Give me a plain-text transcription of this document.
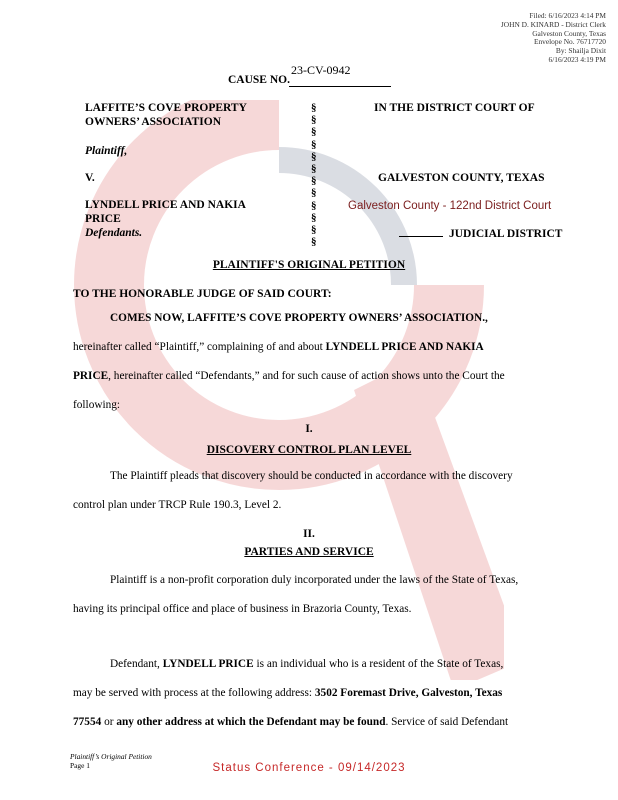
Filed: 6/16/2023 4:14 PM
JOHN D. KINARD - District Clerk
Galveston County, Texas
Envelope No. 76717720
By: Shailja Dixit
6/16/2023 4:19 PM
23-CV-0942
CAUSE NO.
LAFFITE’S COVE PROPERTY
OWNERS’ ASSOCIATION
Plaintiff,
V.
LYNDELL PRICE AND NAKIA
PRICE
Defendants.
§
§
§
§
§
§
§
§
§
§
§
§
IN THE DISTRICT COURT OF
GALVESTON COUNTY, TEXAS
Galveston County - 122nd District Court
JUDICIAL DISTRICT
PLAINTIFF'S ORIGINAL PETITION
TO THE HONORABLE JUDGE OF SAID COURT:
COMES NOW, LAFFITE’S COVE PROPERTY OWNERS’ ASSOCIATION.,
hereinafter called “Plaintiff,” complaining of and about LYNDELL PRICE AND NAKIA
PRICE, hereinafter called “Defendants,” and for such cause of action shows unto the Court the
following:
I.
DISCOVERY CONTROL PLAN LEVEL
The Plaintiff pleads that discovery should be conducted in accordance with the discovery
control plan under TRCP Rule 190.3, Level 2.
II.
PARTIES AND SERVICE
Plaintiff is a non-profit corporation duly incorporated under the laws of the State of Texas,
having its principal office and place of business in Brazoria County, Texas.
Defendant, LYNDELL PRICE is an individual who is a resident of the State of Texas,
may be served with process at the following address: 3502 Foremast Drive, Galveston, Texas
77554 or any other address at which the Defendant may be found. Service of said Defendant
Plaintiff’s Original Petition
Page 1	Status Conference - 09/14/2023
